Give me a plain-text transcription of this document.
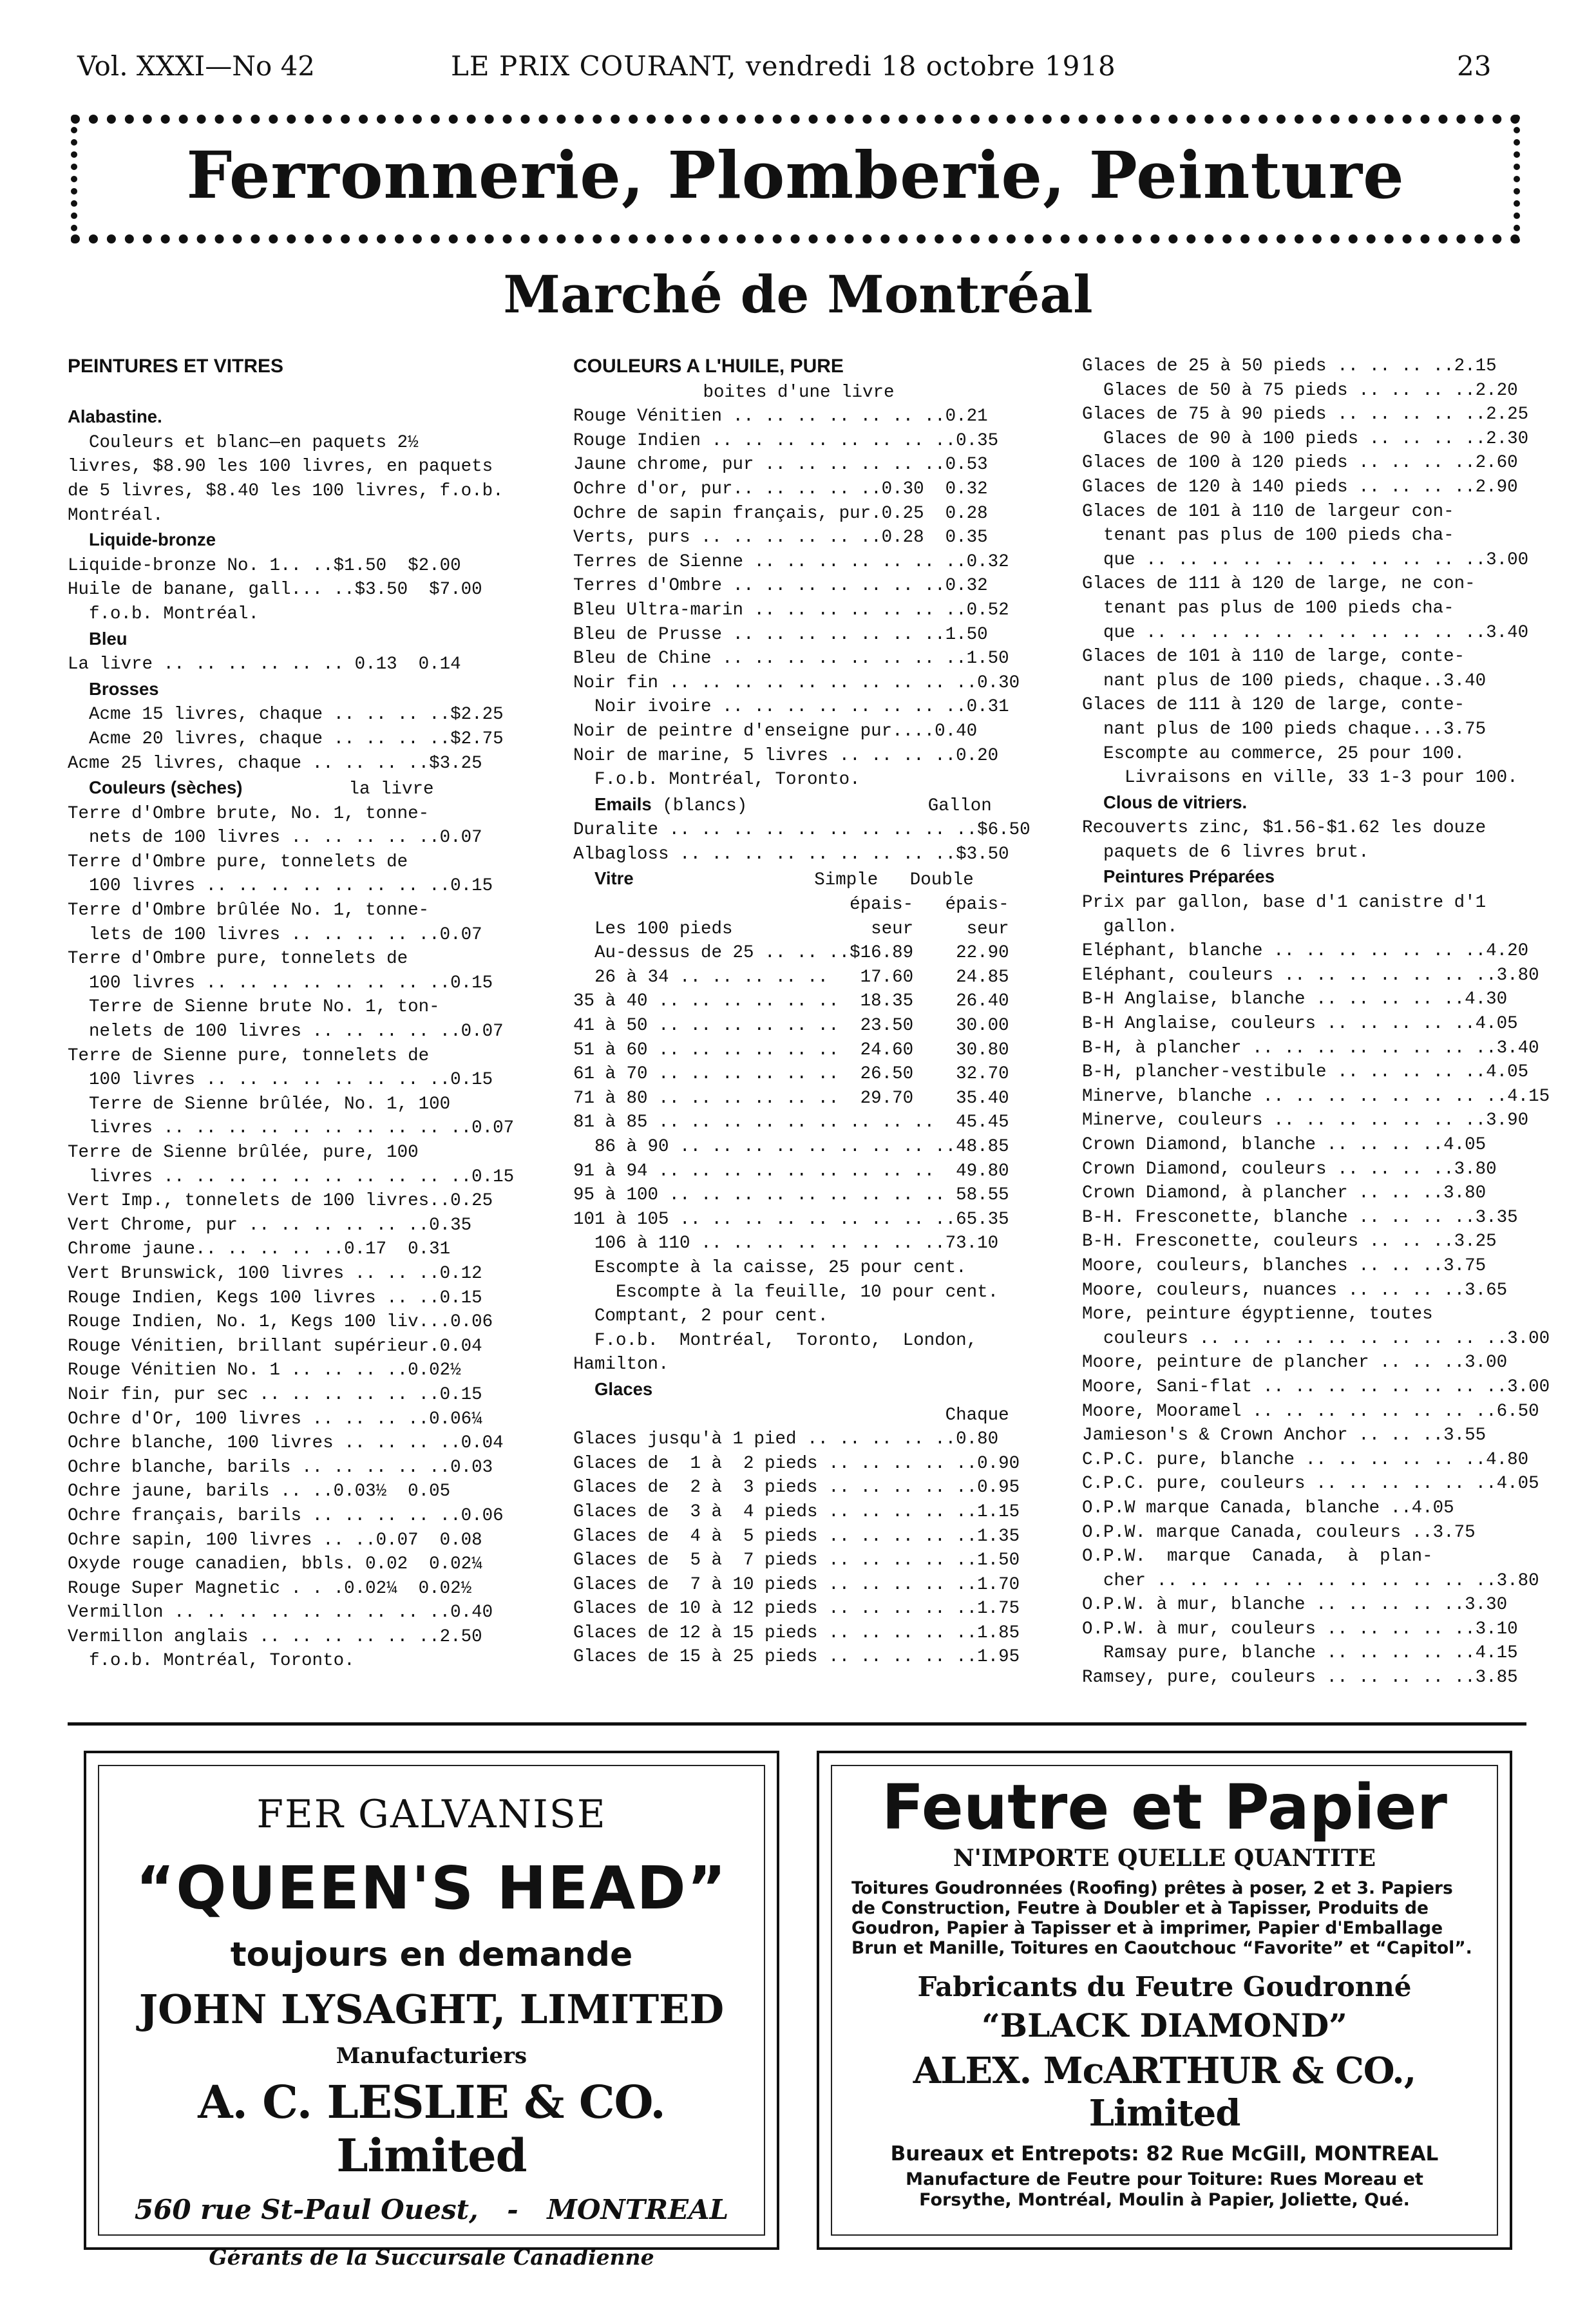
Vol. XXXI—No 42	LE PRIX COURANT, vendredi 18 octobre 1918	23
Ferronnerie, Plomberie, Peinture
Marché de Montréal
PEINTURES ET VITRES

Alabastine.
Couleurs et blanc—en paquets 2½
livres, $8.90 les 100 livres, en paquets
de 5 livres, $8.40 les 100 livres, f.o.b.
Montréal.
Liquide-bronze
Liquide-bronze No. 1.. ..$1.50  $2.00
Huile de banane, gall... ..$3.50  $7.00
f.o.b. Montréal.
Bleu
La livre .. .. .. .. .. .. 0.13  0.14
Brosses
Acme 15 livres, chaque .. .. .. ..$2.25
Acme 20 livres, chaque .. .. .. ..$2.75
Acme 25 livres, chaque .. .. .. ..$3.25
Couleurs (sèches)          la livre
Terre d'Ombre brute, No. 1, tonne-
nets de 100 livres .. .. .. .. ..0.07
Terre d'Ombre pure, tonnelets de
100 livres .. .. .. .. .. .. .. ..0.15
Terre d'Ombre brûlée No. 1, tonne-
lets de 100 livres .. .. .. .. ..0.07
Terre d'Ombre pure, tonnelets de
100 livres .. .. .. .. .. .. .. ..0.15
Terre de Sienne brute No. 1, ton-
nelets de 100 livres .. .. .. .. ..0.07
Terre de Sienne pure, tonnelets de
100 livres .. .. .. .. .. .. .. ..0.15
Terre de Sienne brûlée, No. 1, 100
livres .. .. .. .. .. .. .. .. .. ..0.07
Terre de Sienne brûlée, pure, 100
livres .. .. .. .. .. .. .. .. .. ..0.15
Vert Imp., tonnelets de 100 livres..0.25
Vert Chrome, pur .. .. .. .. .. ..0.35
Chrome jaune.. .. .. .. ..0.17  0.31
Vert Brunswick, 100 livres .. .. ..0.12
Rouge Indien, Kegs 100 livres .. ..0.15
Rouge Indien, No. 1, Kegs 100 liv...0.06
Rouge Vénitien, brillant supérieur.0.04
Rouge Vénitien No. 1 .. .. .. ..0.02½
Noir fin, pur sec .. .. .. .. .. ..0.15
Ochre d'Or, 100 livres .. .. .. ..0.06¼
Ochre blanche, 100 livres .. .. .. ..0.04
Ochre blanche, barils .. .. .. .. ..0.03
Ochre jaune, barils .. ..0.03½  0.05
Ochre français, barils .. .. .. .. ..0.06
Ochre sapin, 100 livres .. ..0.07  0.08
Oxyde rouge canadien, bbls. 0.02  0.02¼
Rouge Super Magnetic . . .0.02¼  0.02½
Vermillon .. .. .. .. .. .. .. .. ..0.40
Vermillon anglais .. .. .. .. .. ..2.50
f.o.b. Montréal, Toronto.
COULEURS A L'HUILE, PURE
boites d'une livre
Rouge Vénitien .. .. .. .. .. .. ..0.21
Rouge Indien .. .. .. .. .. .. .. ..0.35
Jaune chrome, pur .. .. .. .. .. ..0.53
Ochre d'or, pur.. .. .. .. ..0.30  0.32
Ochre de sapin français, pur.0.25  0.28
Verts, purs .. .. .. .. .. ..0.28  0.35
Terres de Sienne .. .. .. .. .. .. ..0.32
Terres d'Ombre .. .. .. .. .. .. ..0.32
Bleu Ultra-marin .. .. .. .. .. .. ..0.52
Bleu de Prusse .. .. .. .. .. .. ..1.50
Bleu de Chine .. .. .. .. .. .. .. ..1.50
Noir fin .. .. .. .. .. .. .. .. .. ..0.30
Noir ivoire .. .. .. .. .. .. .. ..0.31
Noir de peintre d'enseigne pur....0.40
Noir de marine, 5 livres .. .. .. ..0.20
F.o.b. Montréal, Toronto.
Emails (blancs)                 Gallon
Duralite .. .. .. .. .. .. .. .. .. ..$6.50
Albagloss .. .. .. .. .. .. .. .. ..$3.50
Vitre                 Simple   Double
épais-   épais-
Les 100 pieds             seur     seur
Au-dessus de 25 .. .. ..$16.89    22.90
26 à 34 .. .. .. .. ..   17.60    24.85
35 à 40 .. .. .. .. .. ..  18.35    26.40
41 à 50 .. .. .. .. .. ..  23.50    30.00
51 à 60 .. .. .. .. .. ..  24.60    30.80
61 à 70 .. .. .. .. .. ..  26.50    32.70
71 à 80 .. .. .. .. .. ..  29.70    35.40
81 à 85 .. .. .. .. .. .. .. .. ..  45.45
86 à 90 .. .. .. .. .. .. .. .. ..48.85
91 à 94 .. .. .. .. .. .. .. .. ..  49.80
95 à 100 .. .. .. .. .. .. .. .. .. 58.55
101 à 105 .. .. .. .. .. .. .. .. ..65.35
106 à 110 .. .. .. .. .. .. .. ..73.10
Escompte à la caisse, 25 pour cent.
Escompte à la feuille, 10 pour cent.
Comptant, 2 pour cent.
F.o.b.  Montréal,  Toronto,  London,
Hamilton.
Glaces
Chaque
Glaces jusqu'à 1 pied .. .. .. .. ..0.80
Glaces de  1 à  2 pieds .. .. .. .. ..0.90
Glaces de  2 à  3 pieds .. .. .. .. ..0.95
Glaces de  3 à  4 pieds .. .. .. .. ..1.15
Glaces de  4 à  5 pieds .. .. .. .. ..1.35
Glaces de  5 à  7 pieds .. .. .. .. ..1.50
Glaces de  7 à 10 pieds .. .. .. .. ..1.70
Glaces de 10 à 12 pieds .. .. .. .. ..1.75
Glaces de 12 à 15 pieds .. .. .. .. ..1.85
Glaces de 15 à 25 pieds .. .. .. .. ..1.95
Glaces de 25 à 50 pieds .. .. .. ..2.15
Glaces de 50 à 75 pieds .. .. .. ..2.20
Glaces de 75 à 90 pieds .. .. .. .. ..2.25
Glaces de 90 à 100 pieds .. .. .. ..2.30
Glaces de 100 à 120 pieds .. .. .. ..2.60
Glaces de 120 à 140 pieds .. .. .. ..2.90
Glaces de 101 à 110 de largeur con-
tenant pas plus de 100 pieds cha-
que .. .. .. .. .. .. .. .. .. .. ..3.00
Glaces de 111 à 120 de large, ne con-
tenant pas plus de 100 pieds cha-
que .. .. .. .. .. .. .. .. .. .. ..3.40
Glaces de 101 à 110 de large, conte-
nant plus de 100 pieds, chaque..3.40
Glaces de 111 à 120 de large, conte-
nant plus de 100 pieds chaque...3.75
Escompte au commerce, 25 pour 100.
Livraisons en ville, 33 1-3 pour 100.
Clous de vitriers.
Recouverts zinc, $1.56-$1.62 les douze
paquets de 6 livres brut.
Peintures Préparées
Prix par gallon, base d'1 canistre d'1
gallon.
Eléphant, blanche .. .. .. .. .. .. ..4.20
Eléphant, couleurs .. .. .. .. .. .. ..3.80
B-H Anglaise, blanche .. .. .. .. ..4.30
B-H Anglaise, couleurs .. .. .. .. ..4.05
B-H, à plancher .. .. .. .. .. .. .. ..3.40
B-H, plancher-vestibule .. .. .. .. ..4.05
Minerve, blanche .. .. .. .. .. .. .. ..4.15
Minerve, couleurs .. .. .. .. .. .. ..3.90
Crown Diamond, blanche .. .. .. ..4.05
Crown Diamond, couleurs .. .. .. ..3.80
Crown Diamond, à plancher .. .. ..3.80
B-H. Fresconette, blanche .. .. .. ..3.35
B-H. Fresconette, couleurs .. .. ..3.25
Moore, couleurs, blanches .. .. ..3.75
Moore, couleurs, nuances .. .. .. ..3.65
More, peinture égyptienne, toutes
couleurs .. .. .. .. .. .. .. .. .. ..3.00
Moore, peinture de plancher .. .. ..3.00
Moore, Sani-flat .. .. .. .. .. .. .. ..3.00
Moore, Mooramel .. .. .. .. .. .. .. ..6.50
Jamieson's & Crown Anchor .. .. ..3.55
C.P.C. pure, blanche .. .. .. .. .. ..4.80
C.P.C. pure, couleurs .. .. .. .. .. ..4.05
O.P.W marque Canada, blanche ..4.05
O.P.W. marque Canada, couleurs ..3.75
O.P.W.  marque  Canada,  à  plan-
cher .. .. .. .. .. .. .. .. .. .. ..3.80
O.P.W. à mur, blanche .. .. .. .. ..3.30
O.P.W. à mur, couleurs .. .. .. .. ..3.10
Ramsay pure, blanche .. .. .. .. ..4.15
Ramsey, pure, couleurs .. .. .. .. ..3.85

FER GALVANISE

“QUEEN'S HEAD”

toujours en demande

JOHN LYSAGHT, LIMITED

Manufacturiers

A. C. LESLIE & CO. Limited

560 rue St-Paul Ouest, - MONTREAL

Gérants de la Succursale Canadienne

Feutre et Papier

N'IMPORTE QUELLE QUANTITE

Toitures Goudronnées (Roofing) prêtes à poser, 2 et 3. Papiers de Construction, Feutre à Doubler et à Tapisser, Produits de Goudron, Papier à Tapisser et à imprimer, Papier d'Emballage Brun et Manille, Toitures en Caoutchouc “Favorite” et “Capitol”.

Fabricants du Feutre Goudronné

“BLACK DIAMOND”

ALEX. McARTHUR & CO., Limited

Bureaux et Entrepots: 82 Rue McGill, MONTREAL

Manufacture de Feutre pour Toiture: Rues Moreau et Forsythe, Montréal, Moulin à Papier, Joliette, Qué.
